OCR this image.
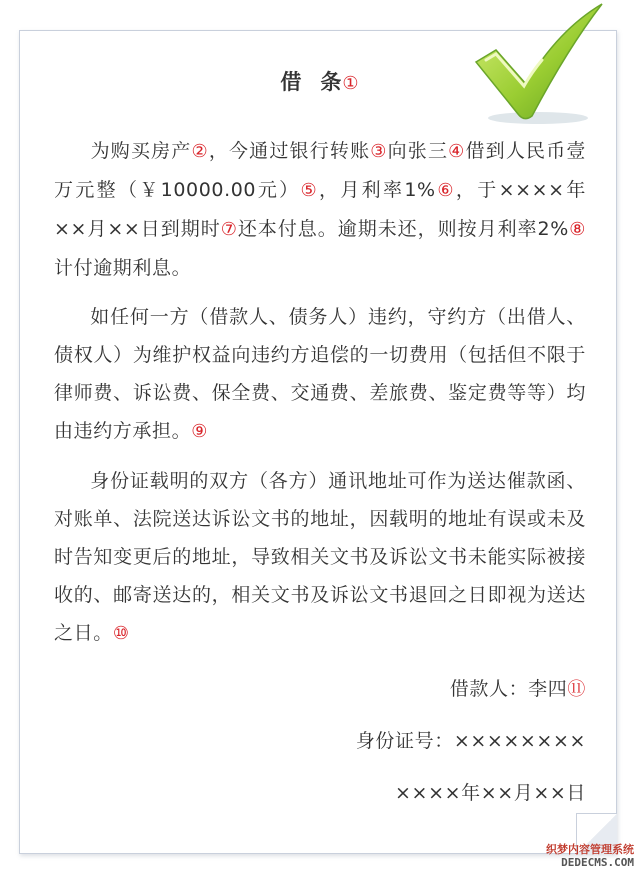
借 条①

为购买房产②，今通过银行转账③向张三④借到人民币壹万元整（￥10000.00元）⑤，月利率1%⑥，于××××年××月××日到期时⑦还本付息。逾期未还，则按月利率2%⑧计付逾期利息。

如任何一方（借款人、债务人）违约，守约方（出借人、债权人）为维护权益向违约方追偿的一切费用（包括但不限于律师费、诉讼费、保全费、交通费、差旅费、鉴定费等等）均由违约方承担。⑨

身份证载明的双方（各方）通讯地址可作为送达催款函、对账单、法院送达诉讼文书的地址，因载明的地址有误或未及时告知变更后的地址，导致相关文书及诉讼文书未能实际被接收的、邮寄送达的，相关文书及诉讼文书退回之日即视为送达之日。⑩

借款人：李四⑪
身份证号：××××××××
××××年××月××日
织梦内容管理系统
DEDECMS.COM
